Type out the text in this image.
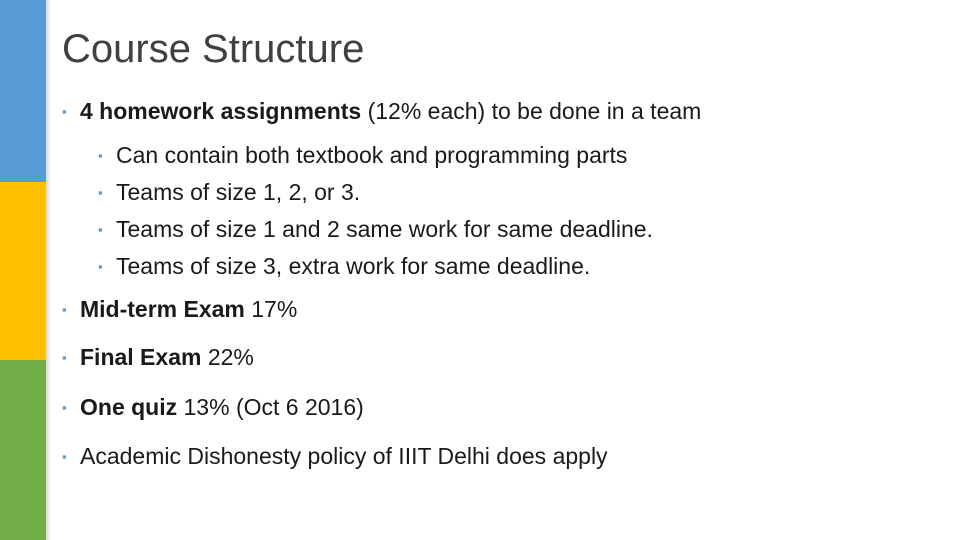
Course Structure
▪ 4 homework assignments (12% each) to be done in a team
▪ Can contain both textbook and programming parts
▪ Teams of size 1, 2, or 3.
▪ Teams of size 1 and 2 same work for same deadline.
▪ Teams of size 3, extra work for same deadline.
▪ Mid-term Exam 17%
▪ Final Exam 22%
▪ One quiz 13% (Oct 6 2016)
▪ Academic Dishonesty policy of IIIT Delhi does apply
